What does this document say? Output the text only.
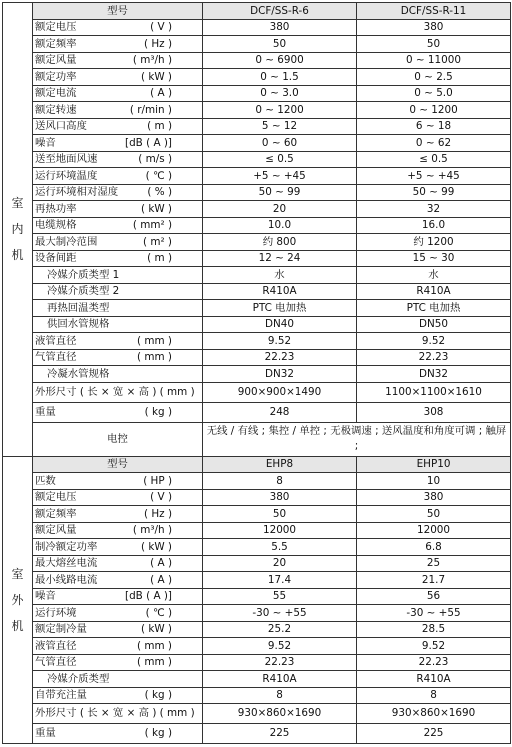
室
内
机	型号	DCF/SS-R-6	DCF/SS-R-11
	额定电压 ( V )	380	380
	额定频率 ( Hz )	50	50
	额定风量 ( m³/h )	0 ~ 6900	0 ~ 11000
	额定功率 ( kW )	0 ~ 1.5	0 ~ 2.5
	额定电流 ( A )	0 ~ 3.0	0 ~ 5.0
	额定转速 ( r/min )	0 ~ 1200	0 ~ 1200
	送风口高度 ( m )	5 ~ 12	6 ~ 18
	噪音 [dB ( A )]	0 ~ 60	0 ~ 62
	送至地面风速 ( m/s )	≤ 0.5	≤ 0.5
	运行环境温度 ( ℃ )	+5 ~ +45	+5 ~ +45
	运行环境相对湿度 ( % )	50 ~ 99	50 ~ 99
	再热功率 ( kW )	20	32
	电缆规格 ( mm² )	10.0	16.0
	最大制冷范围 ( m² )	约 800	约 1200
	设备间距 ( m )	12 ~ 24	15 ~ 30
	冷媒介质类型 1	水	水
	冷媒介质类型 2	R410A	R410A
	再热回温类型	PTC 电加热	PTC 电加热
	供回水管规格	DN40	DN50
	液管直径 ( mm )	9.52	9.52
	气管直径 ( mm )	22.23	22.23
	冷凝水管规格	DN32	DN32
	外形尺寸 ( 长 × 宽 × 高 ) ( mm )	900×900×1490	1100×1100×1610
	重量 ( kg )	248	308
	电控	无线 / 有线 ; 集控 / 单控 ; 无极调速 ; 送风温度和角度可调 ; 触屏 ;	

室
外
机	型号	EHP8	EHP10
	匹数 ( HP )	8	10
	额定电压 ( V )	380	380
	额定频率 ( Hz )	50	50
	额定风量 ( m³/h )	12000	12000
	制冷额定功率 ( kW )	5.5	6.8
	最大熔丝电流 ( A )	20	25
	最小线路电流 ( A )	17.4	21.7
	噪音 [dB ( A )]	55	56
	运行环境 ( ℃ )	-30 ~ +55	-30 ~ +55
	额定制冷量 ( kW )	25.2	28.5
	液管直径 ( mm )	9.52	9.52
	气管直径 ( mm )	22.23	22.23
	冷媒介质类型	R410A	R410A
	自带充注量 ( kg )	8	8
	外形尺寸 ( 长 × 宽 × 高 ) ( mm )	930×860×1690	930×860×1690
	重量 ( kg )	225	225
